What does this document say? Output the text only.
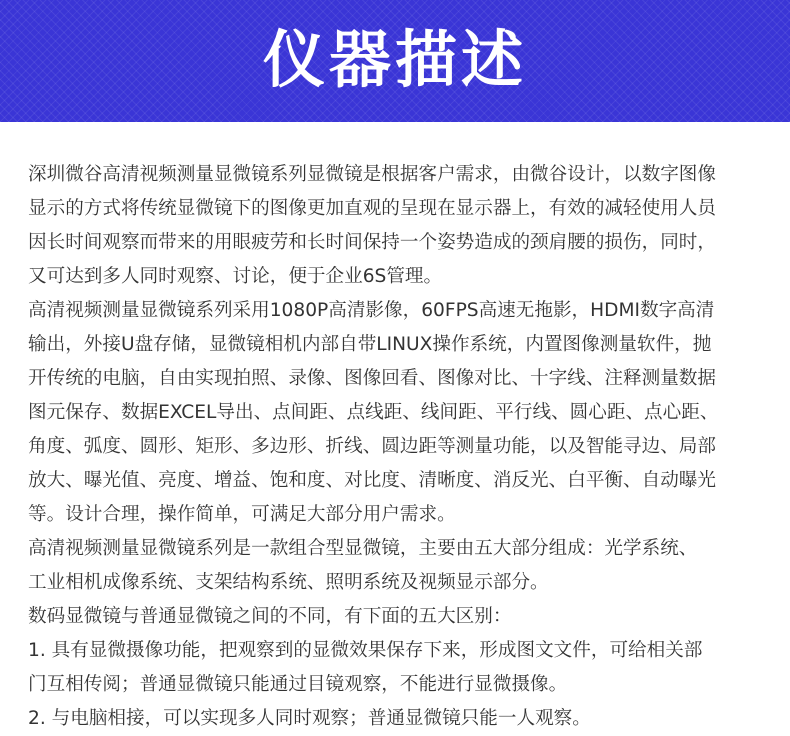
仪器描述
深圳微谷高清视频测量显微镜系列显微镜是根据客户需求，由微谷设计，以数字图像
显示的方式将传统显微镜下的图像更加直观的呈现在显示器上，有效的减轻使用人员
因长时间观察而带来的用眼疲劳和长时间保持一个姿势造成的颈肩腰的损伤，同时，
又可达到多人同时观察、讨论，便于企业6S管理。
高清视频测量显微镜系列采用1080P高清影像，60FPS高速无拖影，HDMI数字高清
输出，外接U盘存储，显微镜相机内部自带LINUX操作系统，内置图像测量软件，抛
开传统的电脑，自由实现拍照、录像、图像回看、图像对比、十字线、注释测量数据
图元保存、数据EXCEL导出、点间距、点线距、线间距、平行线、圆心距、点心距、
角度、弧度、圆形、矩形、多边形、折线、圆边距等测量功能，以及智能寻边、局部
放大、曝光值、亮度、增益、饱和度、对比度、清晰度、消反光、白平衡、自动曝光
等。设计合理，操作简单，可满足大部分用户需求。
高清视频测量显微镜系列是一款组合型显微镜，主要由五大部分组成：光学系统、
工业相机成像系统、支架结构系统、照明系统及视频显示部分。
数码显微镜与普通显微镜之间的不同，有下面的五大区别：
1. 具有显微摄像功能，把观察到的显微效果保存下来，形成图文文件，可给相关部
门互相传阅；普通显微镜只能通过目镜观察，不能进行显微摄像。
2. 与电脑相接，可以实现多人同时观察；普通显微镜只能一人观察。
